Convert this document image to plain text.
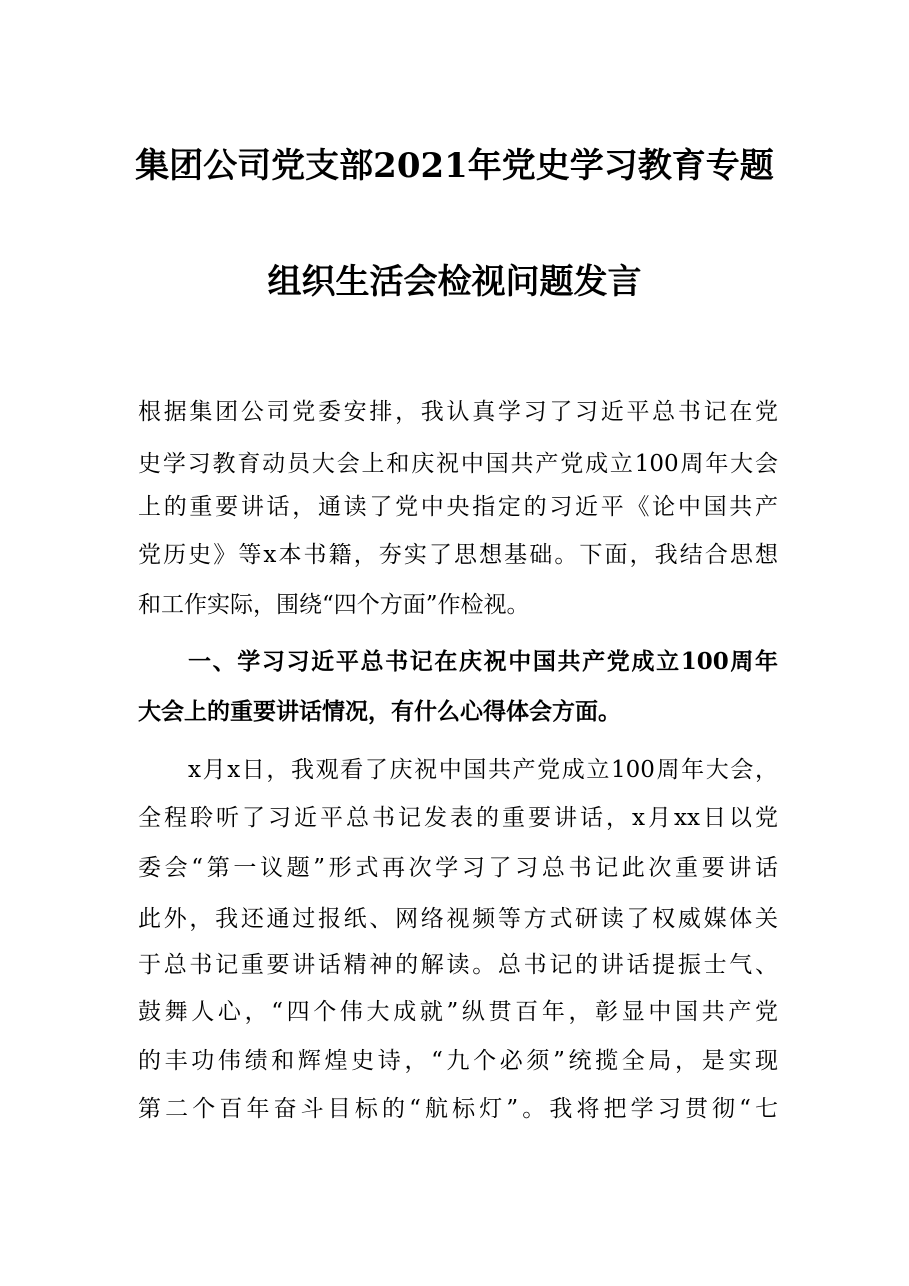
集团公司党支部2021年党史学习教育专题
组织生活会检视问题发言
根据集团公司党委安排，我认真学习了习近平总书记在党
史学习教育动员大会上和庆祝中国共产党成立100周年大会
上的重要讲话，通读了党中央指定的习近平《论中国共产
党历史》等x本书籍，夯实了思想基础。下面，我结合思想
和工作实际，围绕“四个方面”作检视。
一、学习习近平总书记在庆祝中国共产党成立100周年
大会上的重要讲话情况，有什么心得体会方面。
x月x日，我观看了庆祝中国共产党成立100周年大会，
全程聆听了习近平总书记发表的重要讲话，x月xx日以党
委会“第一议题”形式再次学习了习总书记此次重要讲话
此外，我还通过报纸、网络视频等方式研读了权威媒体关
于总书记重要讲话精神的解读。总书记的讲话提振士气、
鼓舞人心，“四个伟大成就”纵贯百年，彰显中国共产党
的丰功伟绩和辉煌史诗，“九个必须”统揽全局，是实现
第二个百年奋斗目标的“航标灯”。我将把学习贯彻“七
